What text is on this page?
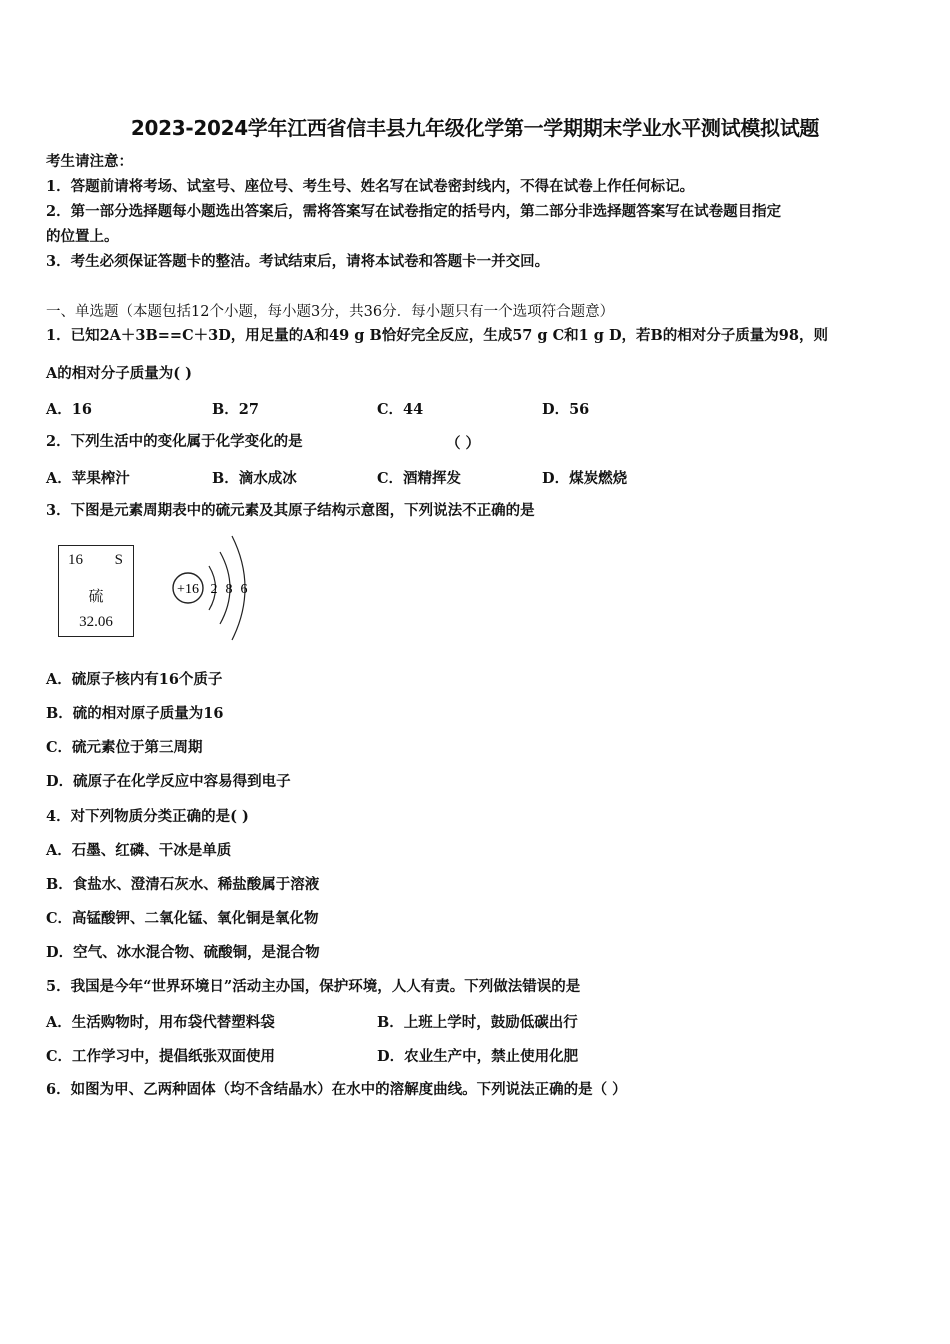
2023-2024学年江西省信丰县九年级化学第一学期期末学业水平测试模拟试题
考生请注意：
1．答题前请将考场、试室号、座位号、考生号、姓名写在试卷密封线内，不得在试卷上作任何标记。
2．第一部分选择题每小题选出答案后，需将答案写在试卷指定的括号内，第二部分非选择题答案写在试卷题目指定
的位置上。
3．考生必须保证答题卡的整洁。考试结束后，请将本试卷和答题卡一并交回。
一、单选题（本题包括12个小题，每小题3分，共36分．每小题只有一个选项符合题意）
1．已知2A＋3B==C＋3D，用足量的A和49 g B恰好完全反应，生成57 g C和1 g D，若B的相对分子质量为98，则
A的相对分子质量为( )
A．16	B．27	C．44	D．56
2．下列生活中的变化属于化学变化的是	（ ）
A．苹果榨汁	B．滴水成冰	C．酒精挥发	D．煤炭燃烧
3．下图是元素周期表中的硫元素及其原子结构示意图，下列说法不正确的是
16 S
硫
32.06
+16 2 8 6
A．硫原子核内有16个质子
B．硫的相对原子质量为16
C．硫元素位于第三周期
D．硫原子在化学反应中容易得到电子
4．对下列物质分类正确的是( )
A．石墨、红磷、干冰是单质
B．食盐水、澄清石灰水、稀盐酸属于溶液
C．高锰酸钾、二氧化锰、氧化铜是氧化物
D．空气、冰水混合物、硫酸铜，是混合物
5．我国是今年“世界环境日”活动主办国，保护环境，人人有责。下列做法错误的是
A．生活购物时，用布袋代替塑料袋	B．上班上学时，鼓励低碳出行
C．工作学习中，提倡纸张双面使用	D．农业生产中，禁止使用化肥
6．如图为甲、乙两种固体（均不含结晶水）在水中的溶解度曲线。下列说法正确的是（ ）
